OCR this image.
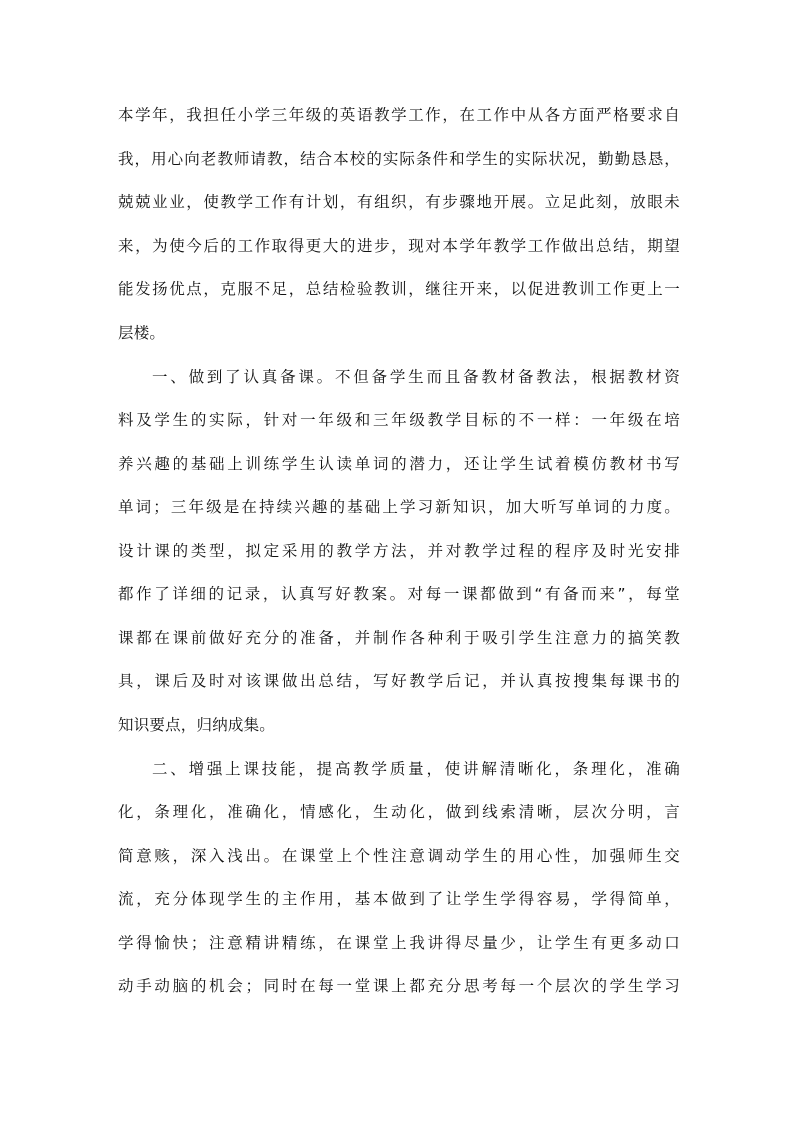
本学年，我担任小学三年级的英语教学工作，在工作中从各方面严格要求自
我，用心向老教师请教，结合本校的实际条件和学生的实际状况，勤勤恳恳，
兢兢业业，使教学工作有计划，有组织，有步骤地开展。立足此刻，放眼未
来，为使今后的工作取得更大的进步，现对本学年教学工作做出总结，期望
能发扬优点，克服不足，总结检验教训，继往开来，以促进教训工作更上一
层楼。
一、做到了认真备课。不但备学生而且备教材备教法，根据教材资
料及学生的实际，针对一年级和三年级教学目标的不一样：一年级在培
养兴趣的基础上训练学生认读单词的潜力，还让学生试着模仿教材书写
单词；三年级是在持续兴趣的基础上学习新知识，加大听写单词的力度。
设计课的类型，拟定采用的教学方法，并对教学过程的程序及时光安排
都作了详细的记录，认真写好教案。对每一课都做到“有备而来”，每堂
课都在课前做好充分的准备，并制作各种利于吸引学生注意力的搞笑教
具，课后及时对该课做出总结，写好教学后记，并认真按搜集每课书的
知识要点，归纳成集。
二、增强上课技能，提高教学质量，使讲解清晰化，条理化，准确
化，条理化，准确化，情感化，生动化，做到线索清晰，层次分明，言
简意赅，深入浅出。在课堂上个性注意调动学生的用心性，加强师生交
流，充分体现学生的主作用，基本做到了让学生学得容易，学得简单，
学得愉快；注意精讲精练，在课堂上我讲得尽量少，让学生有更多动口
动手动脑的机会；同时在每一堂课上都充分思考每一个层次的学生学习
